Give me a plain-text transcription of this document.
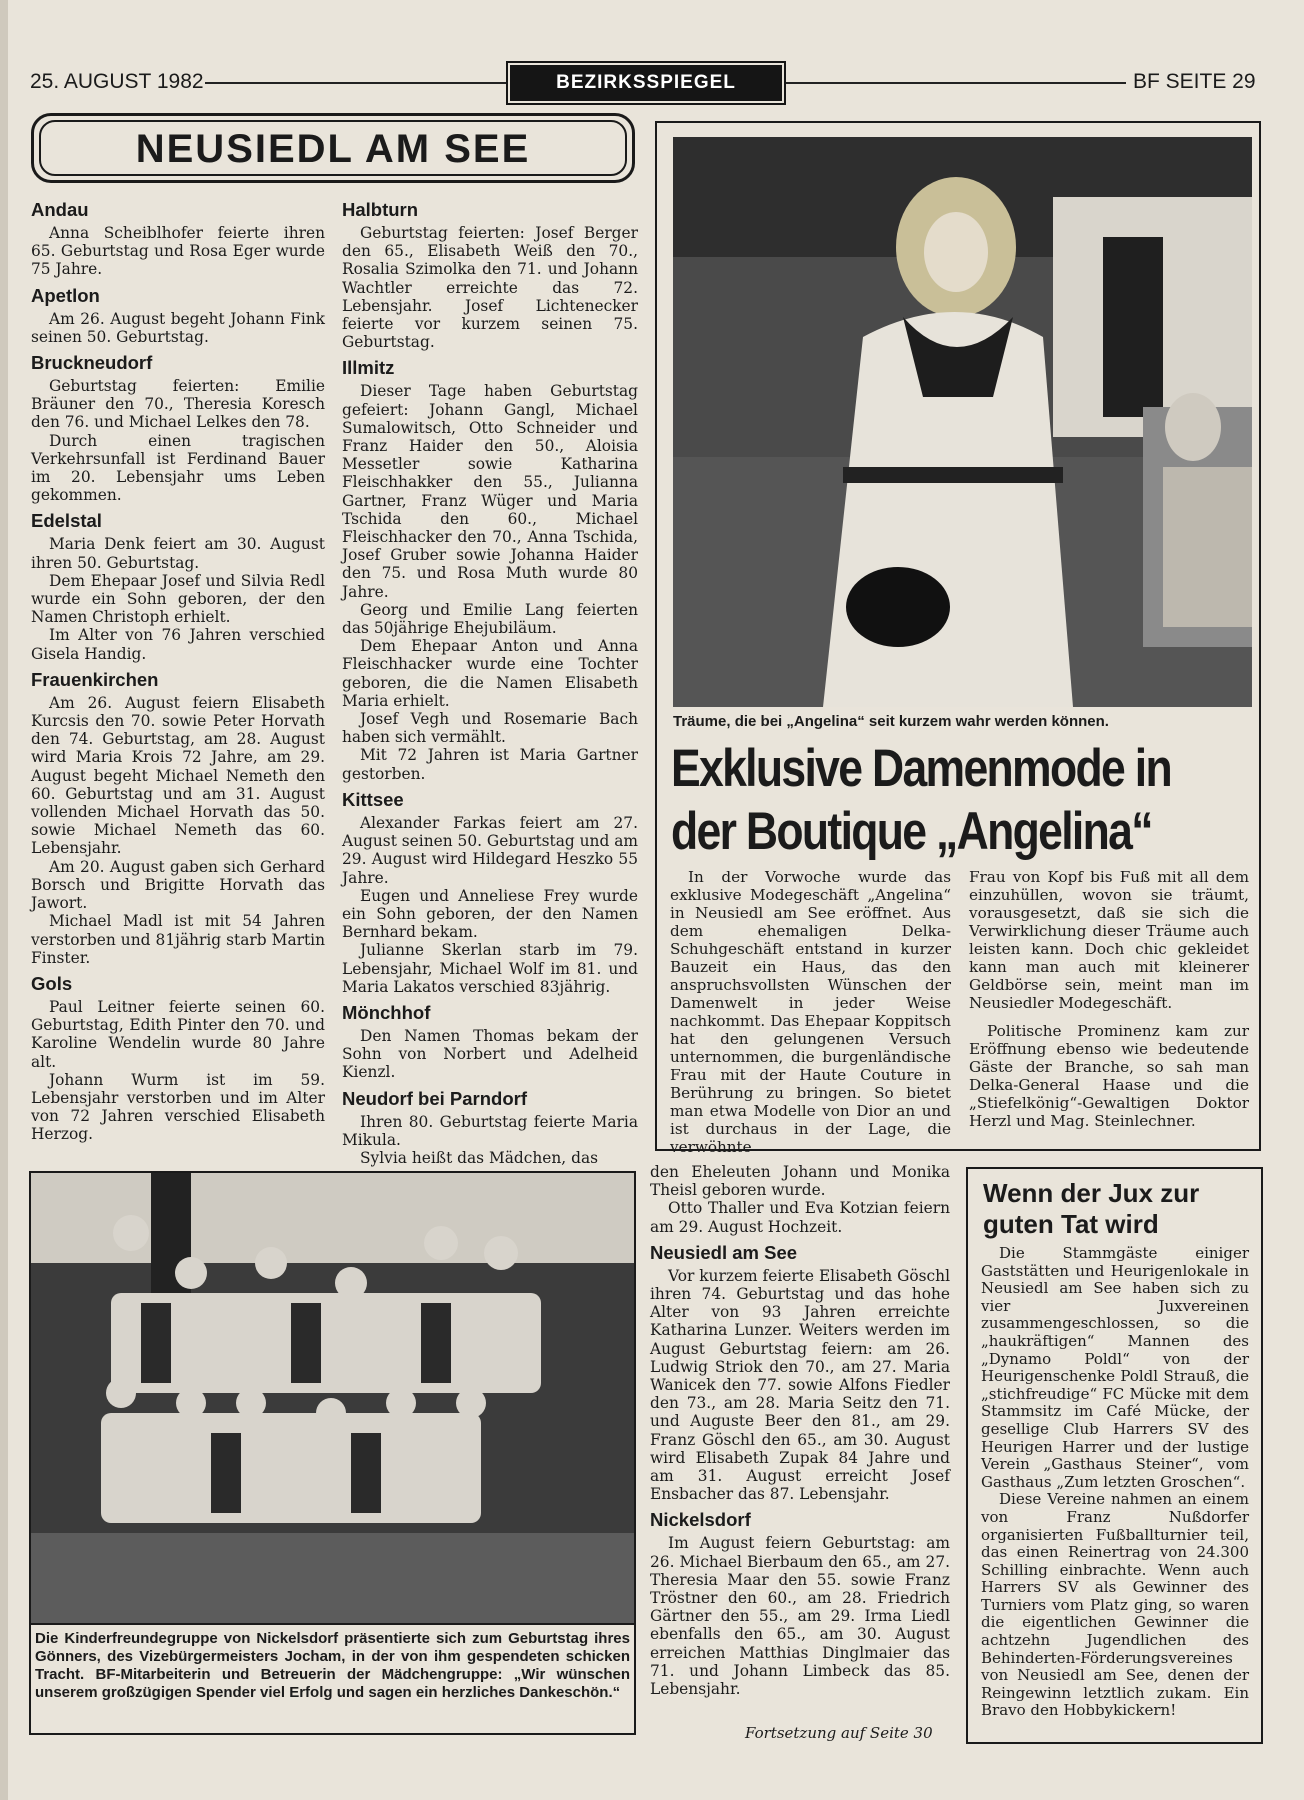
25. AUGUST 1982	BEZIRKSSPIEGEL	BF SEITE 29
NEUSIEDL AM SEE
Andau

Anna Scheiblhofer feierte ihren 65. Geburtstag und Rosa Eger wurde 75 Jahre.

Apetlon

Am 26. August begeht Johann Fink seinen 50. Geburtstag.

Bruckneudorf

Geburtstag feierten: Emilie Bräuner den 70., Theresia Koresch den 76. und Michael Lelkes den 78.

Durch einen tragischen Verkehrsunfall ist Ferdinand Bauer im 20. Lebensjahr ums Leben gekommen.

Edelstal

Maria Denk feiert am 30. August ihren 50. Geburtstag.

Dem Ehepaar Josef und Silvia Redl wurde ein Sohn geboren, der den Namen Christoph erhielt.

Im Alter von 76 Jahren verschied Gisela Handig.

Frauenkirchen

Am 26. August feiern Elisabeth Kurcsis den 70. sowie Peter Horvath den 74. Geburtstag, am 28. August wird Maria Krois 72 Jahre, am 29. August begeht Michael Nemeth den 60. Geburtstag und am 31. August vollenden Michael Horvath das 50. sowie Michael Nemeth das 60. Lebensjahr.

Am 20. August gaben sich Gerhard Borsch und Brigitte Horvath das Jawort.

Michael Madl ist mit 54 Jahren verstorben und 81jährig starb Martin Finster.

Gols

Paul Leitner feierte seinen 60. Geburtstag, Edith Pinter den 70. und Karoline Wendelin wurde 80 Jahre alt.

Johann Wurm ist im 59. Lebensjahr verstorben und im Alter von 72 Jahren verschied Elisabeth Herzog.

Halbturn

Geburtstag feierten: Josef Berger den 65., Elisabeth Weiß den 70., Rosalia Szimolka den 71. und Johann Wachtler erreichte das 72. Lebensjahr. Josef Lichtenecker feierte vor kurzem seinen 75. Geburtstag.

Illmitz

Dieser Tage haben Geburtstag gefeiert: Johann Gangl, Michael Sumalowitsch, Otto Schneider und Franz Haider den 50., Aloisia Messetler sowie Katharina Fleischhakker den 55., Julianna Gartner, Franz Wüger und Maria Tschida den 60., Michael Fleischhacker den 70., Anna Tschida, Josef Gruber sowie Johanna Haider den 75. und Rosa Muth wurde 80 Jahre.

Georg und Emilie Lang feierten das 50jährige Ehejubiläum.

Dem Ehepaar Anton und Anna Fleischhacker wurde eine Tochter geboren, die die Namen Elisabeth Maria erhielt.

Josef Vegh und Rosemarie Bach haben sich vermählt.

Mit 72 Jahren ist Maria Gartner gestorben.

Kittsee

Alexander Farkas feiert am 27. August seinen 50. Geburtstag und am 29. August wird Hildegard Heszko 55 Jahre.

Eugen und Anneliese Frey wurde ein Sohn geboren, der den Namen Bernhard bekam.

Julianne Skerlan starb im 79. Lebensjahr, Michael Wolf im 81. und Maria Lakatos verschied 83jährig.

Mönchhof

Den Namen Thomas bekam der Sohn von Norbert und Adelheid Kienzl.

Neudorf bei Parndorf

Ihren 80. Geburtstag feierte Maria Mikula.

Sylvia heißt das Mädchen, das

Träume, die bei „Angelina“ seit kurzem wahr werden können.
Exklusive Damenmode in
der Boutique „Angelina“

In der Vorwoche wurde das exklusive Modegeschäft „Angelina“ in Neusiedl am See eröffnet. Aus dem ehemaligen Delka-Schuhgeschäft entstand in kurzer Bauzeit ein Haus, das den anspruchsvollsten Wünschen der Damenwelt in jeder Weise nachkommt. Das Ehepaar Koppitsch hat den gelungenen Versuch unternommen, die burgenländische Frau mit der Haute Couture in Berührung zu bringen. So bietet man etwa Modelle von Dior an und ist durchaus in der Lage, die verwöhnte

Frau von Kopf bis Fuß mit all dem einzuhüllen, wovon sie träumt, vorausgesetzt, daß sie sich die Verwirklichung dieser Träume auch leisten kann. Doch chic gekleidet kann man auch mit kleinerer Geldbörse sein, meint man im Neusiedler Modegeschäft.

Politische Prominenz kam zur Eröffnung ebenso wie bedeutende Gäste der Branche, so sah man Delka-General Haase und die „Stiefelkönig“-Gewaltigen Doktor Herzl und Mag. Steinlechner.

Die Kinderfreundegruppe von Nickelsdorf präsentierte sich zum Geburtstag ihres Gönners, des Vizebürgermeisters Jocham, in der von ihm gespendeten schicken Tracht. BF-Mitarbeiterin und Betreuerin der Mädchengruppe: „Wir wünschen unserem großzügigen Spender viel Erfolg und sagen ein herzliches Dankeschön.“

den Eheleuten Johann und Monika Theisl geboren wurde.

Otto Thaller und Eva Kotzian feiern am 29. August Hochzeit.

Neusiedl am See

Vor kurzem feierte Elisabeth Göschl ihren 74. Geburtstag und das hohe Alter von 93 Jahren erreichte Katharina Lunzer. Weiters werden im August Geburtstag feiern: am 26. Ludwig Striok den 70., am 27. Maria Wanicek den 77. sowie Alfons Fiedler den 73., am 28. Maria Seitz den 71. und Auguste Beer den 81., am 29. Franz Göschl den 65., am 30. August wird Elisabeth Zupak 84 Jahre und am 31. August erreicht Josef Ensbacher das 87. Lebensjahr.

Nickelsdorf

Im August feiern Geburtstag: am 26. Michael Bierbaum den 65., am 27. Theresia Maar den 55. sowie Franz Tröstner den 60., am 28. Friedrich Gärtner den 55., am 29. Irma Liedl ebenfalls den 65., am 30. August erreichen Matthias Dinglmaier das 71. und Johann Limbeck das 85. Lebensjahr.

Fortsetzung auf Seite 30
Wenn der Jux zur guten Tat wird

Die Stammgäste einiger Gaststätten und Heurigenlokale in Neusiedl am See haben sich zu vier Juxvereinen zusammengeschlossen, so die „haukräftigen“ Mannen des „Dynamo Poldl“ von der Heurigenschenke Poldl Strauß, die „stichfreudige“ FC Mücke mit dem Stammsitz im Café Mücke, der gesellige Club Harrers SV des Heurigen Harrer und der lustige Verein „Gasthaus Steiner“, vom Gasthaus „Zum letzten Groschen“.

Diese Vereine nahmen an einem von Franz Nußdorfer organisierten Fußballturnier teil, das einen Reinertrag von 24.300 Schilling einbrachte. Wenn auch Harrers SV als Gewinner des Turniers vom Platz ging, so waren die eigentlichen Gewinner die achtzehn Jugendlichen des Behinderten-Förderungsvereines von Neusiedl am See, denen der Reingewinn letztlich zukam. Ein Bravo den Hobbykickern!
